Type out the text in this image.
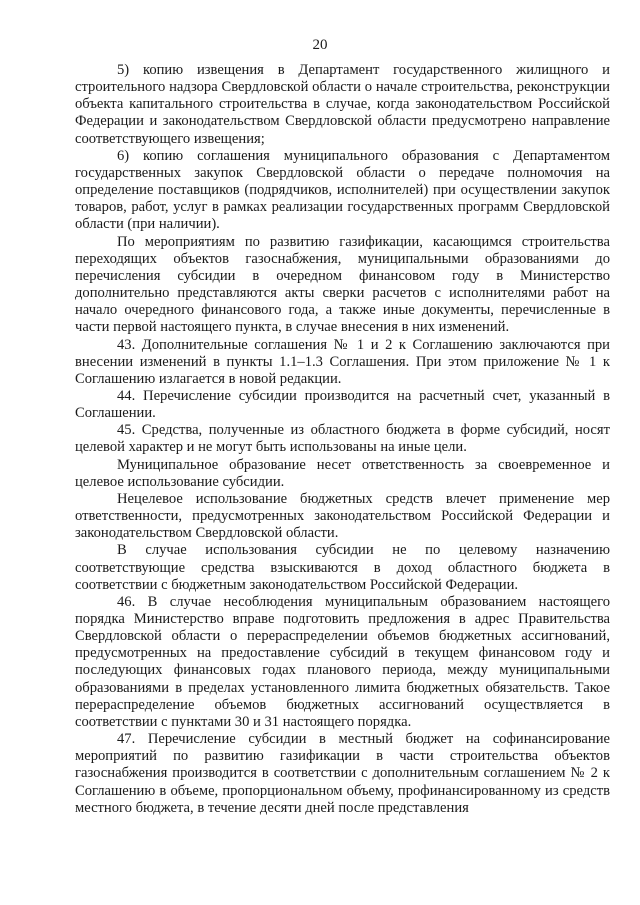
20

5) копию извещения в Департамент государственного жилищного и строительного надзора Свердловской области о начале строительства, реконструкции объекта капитального строительства в случае, когда законодательством Российской Федерации и законодательством Свердловской области предусмотрено направление соответствующего извещения;

6) копию соглашения муниципального образования с Департаментом государственных закупок Свердловской области о передаче полномочия на определение поставщиков (подрядчиков, исполнителей) при осуществлении закупок товаров, работ, услуг в рамках реализации государственных программ Свердловской области (при наличии).

По мероприятиям по развитию газификации, касающимся строительства переходящих объектов газоснабжения, муниципальными образованиями до перечисления субсидии в очередном финансовом году в Министерство дополнительно представляются акты сверки расчетов с исполнителями работ на начало очередного финансового года, а также иные документы, перечисленные в части первой настоящего пункта, в случае внесения в них изменений.

43. Дополнительные соглашения № 1 и 2 к Соглашению заключаются при внесении изменений в пункты 1.1–1.3 Соглашения. При этом приложение № 1 к Соглашению излагается в новой редакции.

44. Перечисление субсидии производится на расчетный счет, указанный в Соглашении.

45. Средства, полученные из областного бюджета в форме субсидий, носят целевой характер и не могут быть использованы на иные цели.

Муниципальное образование несет ответственность за своевременное и целевое использование субсидии.

Нецелевое использование бюджетных средств влечет применение мер ответственности, предусмотренных законодательством Российской Федерации и законодательством Свердловской области.

В случае использования субсидии не по целевому назначению соответствующие средства взыскиваются в доход областного бюджета в соответствии с бюджетным законодательством Российской Федерации.

46. В случае несоблюдения муниципальным образованием настоящего порядка Министерство вправе подготовить предложения в адрес Правительства Свердловской области о перераспределении объемов бюджетных ассигнований, предусмотренных на предоставление субсидий в текущем финансовом году и последующих финансовых годах планового периода, между муниципальными образованиями в пределах установленного лимита бюджетных обязательств. Такое перераспределение объемов бюджетных ассигнований осуществляется в соответствии с пунктами 30 и 31 настоящего порядка.

47. Перечисление субсидии в местный бюджет на софинансирование мероприятий по развитию газификации в части строительства объектов газоснабжения производится в соответствии с дополнительным соглашением № 2 к Соглашению в объеме, пропорциональном объему, профинансированному из средств местного бюджета, в течение десяти дней после представления
